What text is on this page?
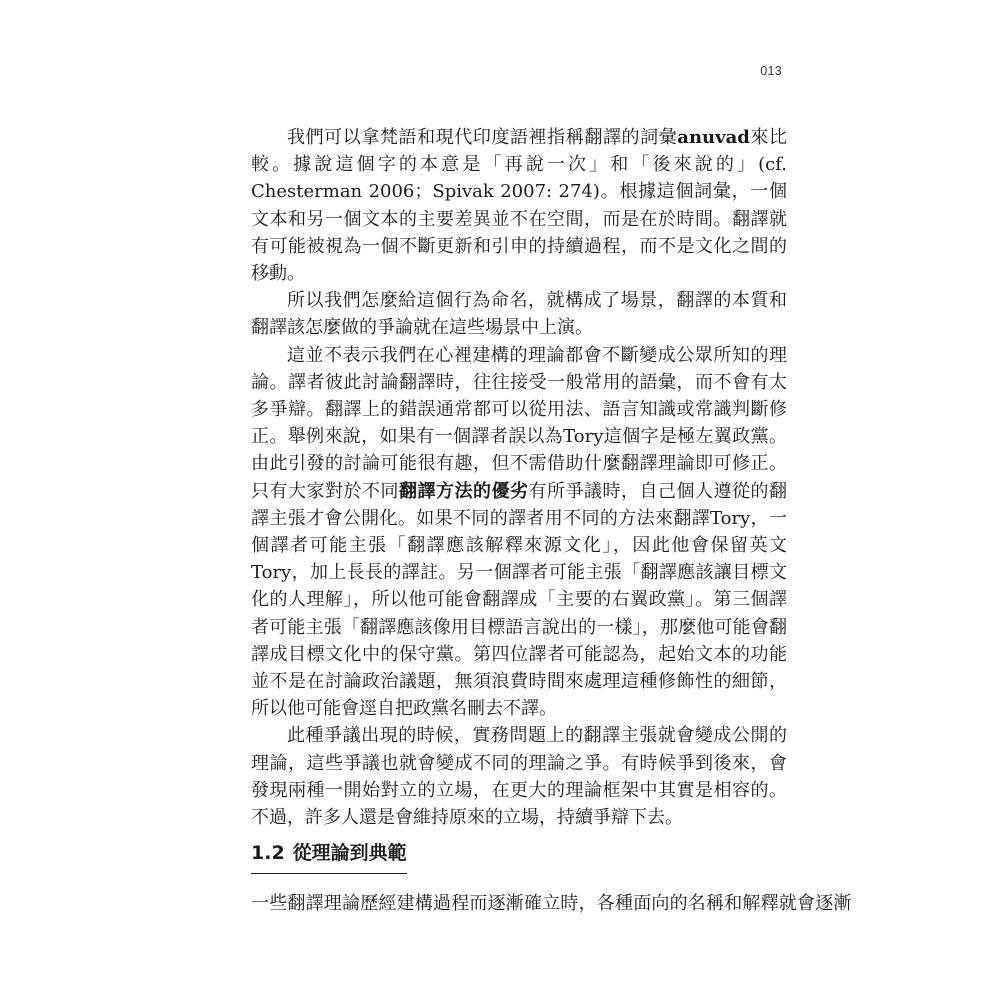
013

我們可以拿梵語和現代印度語裡指稱翻譯的詞彙anuvad來比較。據說這個字的本意是「再說一次」和「後來說的」(cf. Chesterman 2006；Spivak 2007: 274)。根據這個詞彙，一個文本和另一個文本的主要差異並不在空間，而是在於時間。翻譯就有可能被視為一個不斷更新和引申的持續過程，而不是文化之間的移動。

所以我們怎麼給這個行為命名，就構成了場景，翻譯的本質和翻譯該怎麼做的爭論就在這些場景中上演。

這並不表示我們在心裡建構的理論都會不斷變成公眾所知的理論。譯者彼此討論翻譯時，往往接受一般常用的語彙，而不會有太多爭辯。翻譯上的錯誤通常都可以從用法、語言知識或常識判斷修正。舉例來說，如果有一個譯者誤以為Tory這個字是極左翼政黨。由此引發的討論可能很有趣，但不需借助什麼翻譯理論即可修正。只有大家對於不同翻譯方法的優劣有所爭議時，自己個人遵從的翻譯主張才會公開化。如果不同的譯者用不同的方法來翻譯Tory，一個譯者可能主張「翻譯應該解釋來源文化」，因此他會保留英文Tory，加上長長的譯註。另一個譯者可能主張「翻譯應該讓目標文化的人理解」，所以他可能會翻譯成「主要的右翼政黨」。第三個譯者可能主張「翻譯應該像用目標語言說出的一樣」，那麼他可能會翻譯成目標文化中的保守黨。第四位譯者可能認為，起始文本的功能並不是在討論政治議題，無須浪費時間來處理這種修飾性的細節，所以他可能會逕自把政黨名刪去不譯。

此種爭議出現的時候，實務問題上的翻譯主張就會變成公開的理論，這些爭議也就會變成不同的理論之爭。有時候爭到後來，會發現兩種一開始對立的立場，在更大的理論框架中其實是相容的。不過，許多人還是會維持原來的立場，持續爭辯下去。

1.2 從理論到典範
一些翻譯理論歷經建構過程而逐漸確立時，各種面向的名稱和解釋就會逐漸
